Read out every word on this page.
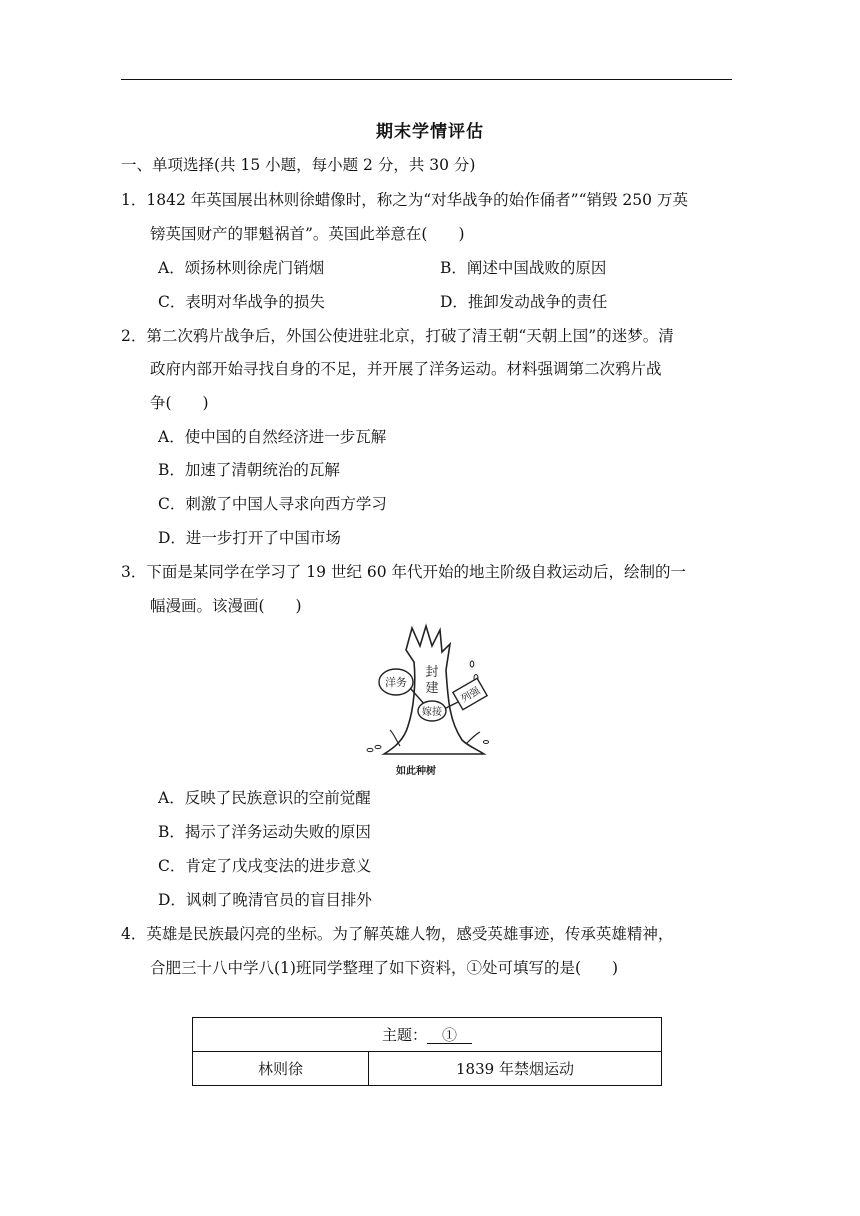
期末学情评估
一、单项选择(共 15 小题，每小题 2 分，共 30 分)
1．1842 年英国展出林则徐蜡像时，称之为“对华战争的始作俑者”“销毁 250 万英
镑英国财产的罪魁祸首”。英国此举意在(　　)
A．颂扬林则徐虎门销烟	B．阐述中国战败的原因
C．表明对华战争的损失	D．推卸发动战争的责任
2．第二次鸦片战争后，外国公使进驻北京，打破了清王朝“天朝上国”的迷梦。清
政府内部开始寻找自身的不足，并开展了洋务运动。材料强调第二次鸦片战
争(　　)
A．使中国的自然经济进一步瓦解
B．加速了清朝统治的瓦解
C．刺激了中国人寻求向西方学习
D．进一步打开了中国市场
3．下面是某同学在学习了 19 世纪 60 年代开始的地主阶级自救运动后，绘制的一
幅漫画。该漫画(　　)
洋务
列强
封
建
嫁接
如此种树
A．反映了民族意识的空前觉醒
B．揭示了洋务运动失败的原因
C．肯定了戊戌变法的进步意义
D．讽刺了晚清官员的盲目排外
4．英雄是民族最闪亮的坐标。为了解英雄人物，感受英雄事迹，传承英雄精神，
合肥三十八中学八(1)班同学整理了如下资料，①处可填写的是(　　)
主题：__①__
林则徐	1839 年禁烟运动
